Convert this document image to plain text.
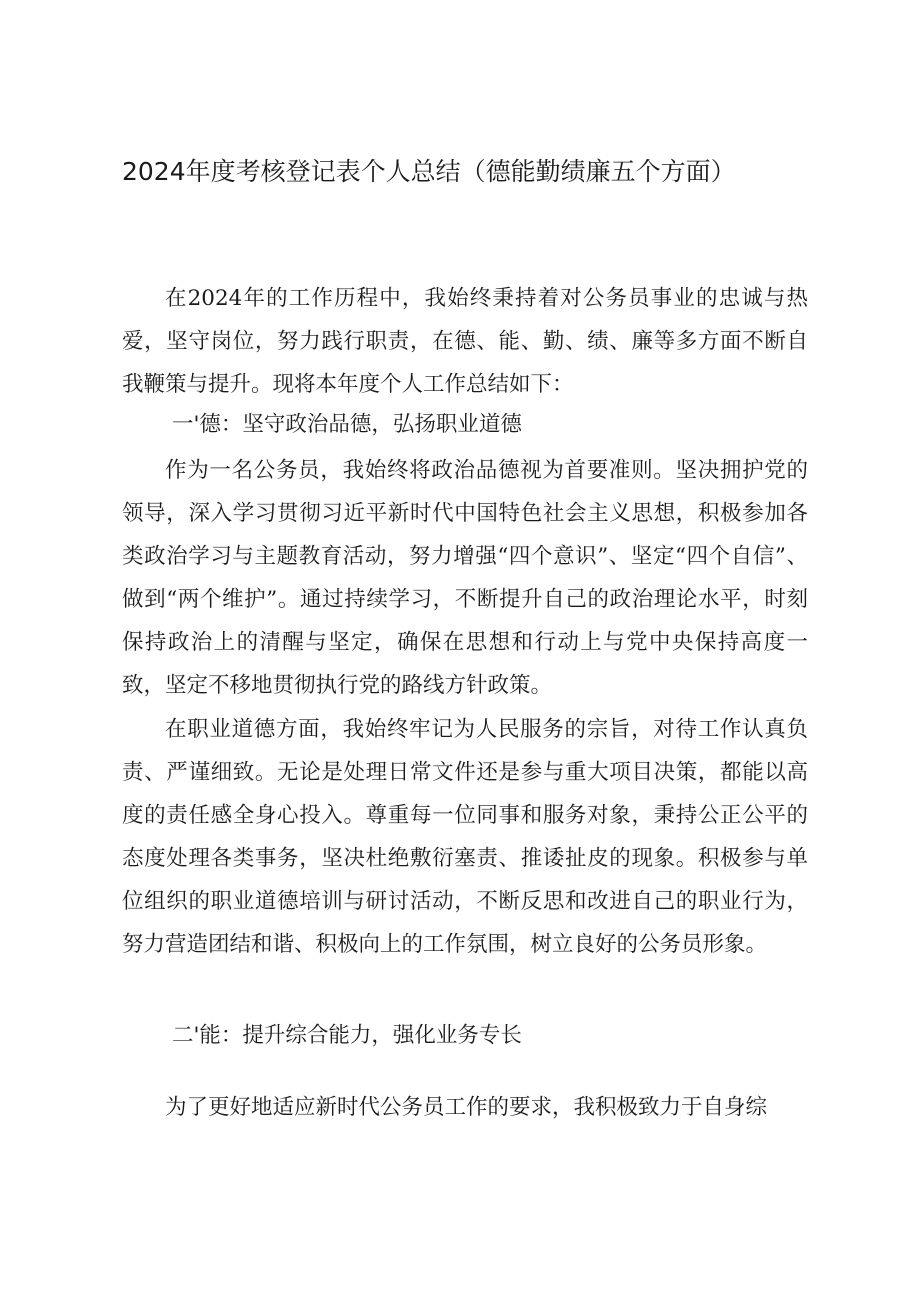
2024年度考核登记表个人总结（德能勤绩廉五个方面）

在2024年的工作历程中，我始终秉持着对公务员事业的忠诚与热爱，坚守岗位，努力践行职责，在德、能、勤、绩、廉等多方面不断自我鞭策与提升。现将本年度个人工作总结如下：

一'德：坚守政治品德，弘扬职业道德

作为一名公务员，我始终将政治品德视为首要准则。坚决拥护党的领导，深入学习贯彻习近平新时代中国特色社会主义思想，积极参加各类政治学习与主题教育活动，努力增强“四个意识”、坚定“四个自信”、做到“两个维护”。通过持续学习，不断提升自己的政治理论水平，时刻保持政治上的清醒与坚定，确保在思想和行动上与党中央保持高度一致，坚定不移地贯彻执行党的路线方针政策。

在职业道德方面，我始终牢记为人民服务的宗旨，对待工作认真负责、严谨细致。无论是处理日常文件还是参与重大项目决策，都能以高度的责任感全身心投入。尊重每一位同事和服务对象，秉持公正公平的态度处理各类事务，坚决杜绝敷衍塞责、推诿扯皮的现象。积极参与单位组织的职业道德培训与研讨活动，不断反思和改进自己的职业行为，努力营造团结和谐、积极向上的工作氛围，树立良好的公务员形象。

二'能：提升综合能力，强化业务专长

为了更好地适应新时代公务员工作的要求，我积极致力于自身综
